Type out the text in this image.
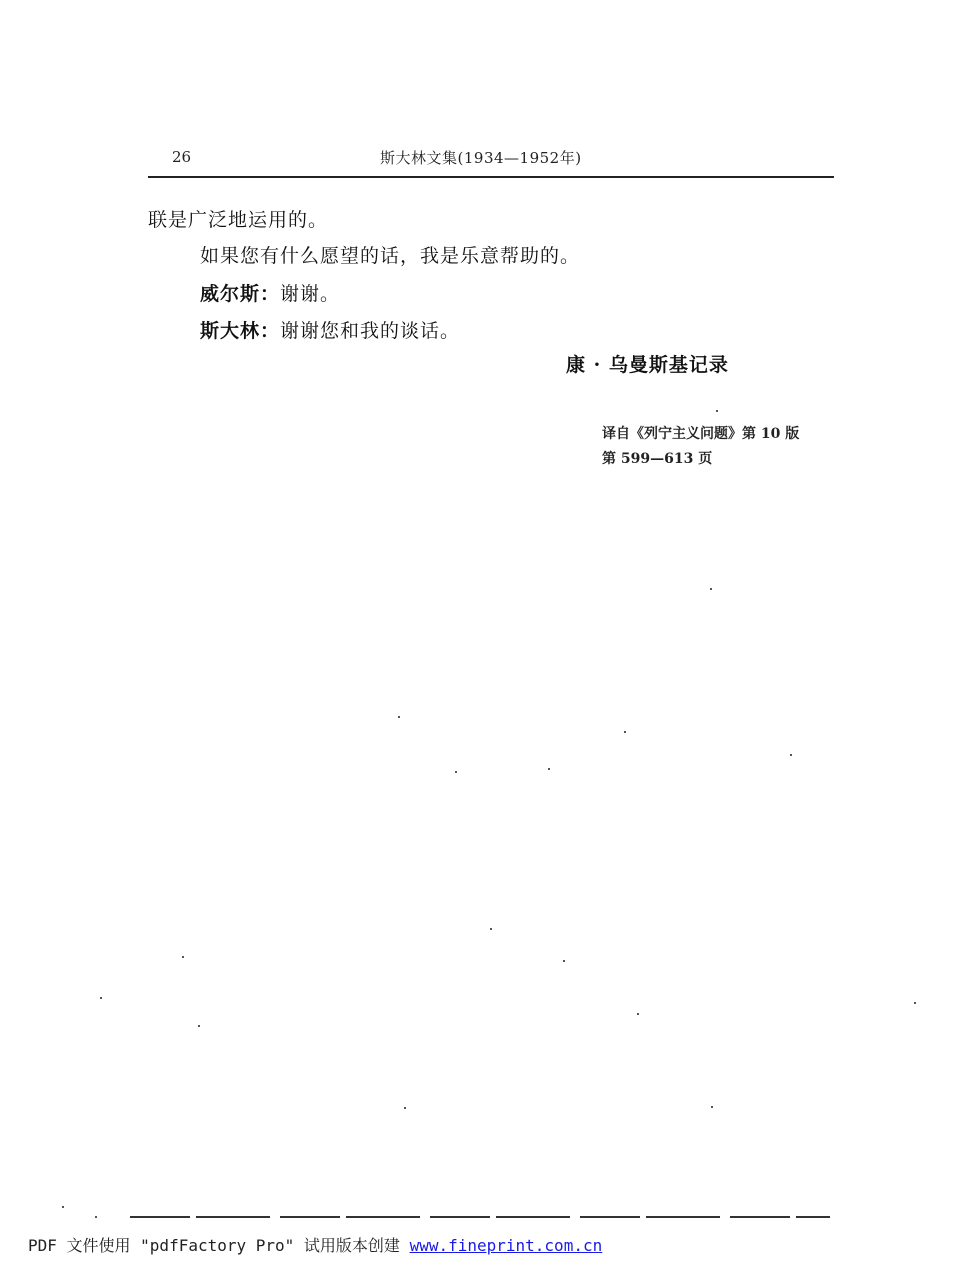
26	斯大林文集(1934—1952年)
联是广泛地运用的。
如果您有什么愿望的话，我是乐意帮助的。
威尔斯：谢谢。
斯大林：谢谢您和我的谈话。
康 · 乌曼斯基记录
译自《列宁主义问题》第 10 版
第 599—613 页
PDF 文件使用 "pdfFactory Pro" 试用版本创建 www.fineprint.com.cn
